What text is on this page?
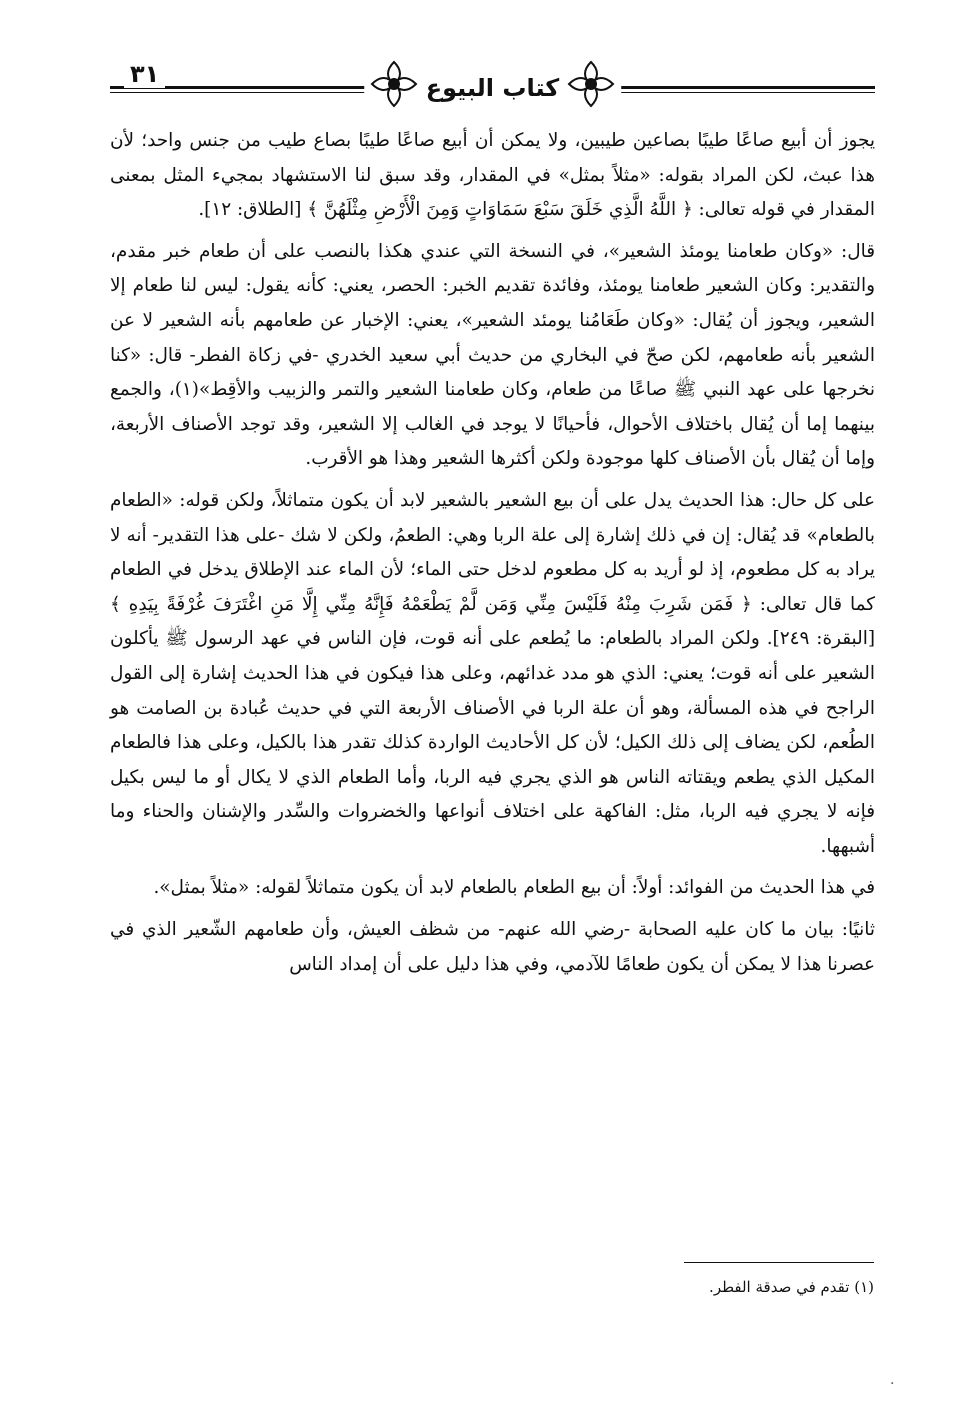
٣١	كتاب البيوع

يجوز أن أبيع صاعًا طيبًا بصاعين طيبين، ولا يمكن أن أبيع صاعًا طيبًا بصاع طيب من جنس واحد؛ لأن هذا عبث، لكن المراد بقوله: «مثلاً بمثل» في المقدار، وقد سبق لنا الاستشهاد بمجيء المثل بمعنى المقدار في قوله تعالى: ﴿ اللَّهُ الَّذِي خَلَقَ سَبْعَ سَمَاوَاتٍ وَمِنَ الْأَرْضِ مِثْلَهُنَّ ﴾ [الطلاق: ١٢].

قال: «وكان طعامنا يومئذ الشعير»، في النسخة التي عندي هكذا بالنصب على أن طعام خبر مقدم، والتقدير: وكان الشعير طعامنا يومئذ، وفائدة تقديم الخبر: الحصر، يعني: كأنه يقول: ليس لنا طعام إلا الشعير، ويجوز أن يُقال: «وكان طَعَامُنا يومئد الشعير»، يعني: الإخبار عن طعامهم بأنه الشعير لا عن الشعير بأنه طعامهم، لكن صحّ في البخاري من حديث أبي سعيد الخدري -في زكاة الفطر- قال: «كنا نخرجها على عهد النبي ﷺ صاعًا من طعام، وكان طعامنا الشعير والتمر والزبيب والأقِط»(١)، والجمع بينهما إما أن يُقال باختلاف الأحوال، فأحيانًا لا يوجد في الغالب إلا الشعير، وقد توجد الأصناف الأربعة، وإما أن يُقال بأن الأصناف كلها موجودة ولكن أكثرها الشعير وهذا هو الأقرب.

على كل حال: هذا الحديث يدل على أن بيع الشعير بالشعير لابد أن يكون متماثلاً، ولكن قوله: «الطعام بالطعام» قد يُقال: إن في ذلك إشارة إلى علة الربا وهي: الطعمُ، ولكن لا شك -على هذا التقدير- أنه لا يراد به كل مطعوم، إذ لو أريد به كل مطعوم لدخل حتى الماء؛ لأن الماء عند الإطلاق يدخل في الطعام كما قال تعالى: ﴿ فَمَن شَرِبَ مِنْهُ فَلَيْسَ مِنِّي وَمَن لَّمْ يَطْعَمْهُ فَإِنَّهُ مِنِّي إِلَّا مَنِ اغْتَرَفَ غُرْفَةً بِيَدِهِ ﴾ [البقرة: ٢٤٩]. ولكن المراد بالطعام: ما يُطعم على أنه قوت، فإن الناس في عهد الرسول ﷺ يأكلون الشعير على أنه قوت؛ يعني: الذي هو مدد غدائهم، وعلى هذا فيكون في هذا الحديث إشارة إلى القول الراجح في هذه المسألة، وهو أن علة الربا في الأصناف الأربعة التي في حديث عُبادة بن الصامت هو الطُعم، لكن يضاف إلى ذلك الكيل؛ لأن كل الأحاديث الواردة كذلك تقدر هذا بالكيل، وعلى هذا فالطعام المكيل الذي يطعم ويقتاته الناس هو الذي يجري فيه الربا، وأما الطعام الذي لا يكال أو ما ليس بكيل فإنه لا يجري فيه الربا، مثل: الفاكهة على اختلاف أنواعها والخضروات والسِّدر والإشنان والحناء وما أشبهها.

في هذا الحديث من الفوائد: أولاً: أن بيع الطعام بالطعام لابد أن يكون متماثلاً لقوله: «مثلاً بمثل».

ثانيًا: بيان ما كان عليه الصحابة -رضي الله عنهم- من شظف العيش، وأن طعامهم الشّعير الذي في عصرنا هذا لا يمكن أن يكون طعامًا للآدمي، وفي هذا دليل على أن إمداد الناس

(١) تقدم في صدقة الفطر.
.
